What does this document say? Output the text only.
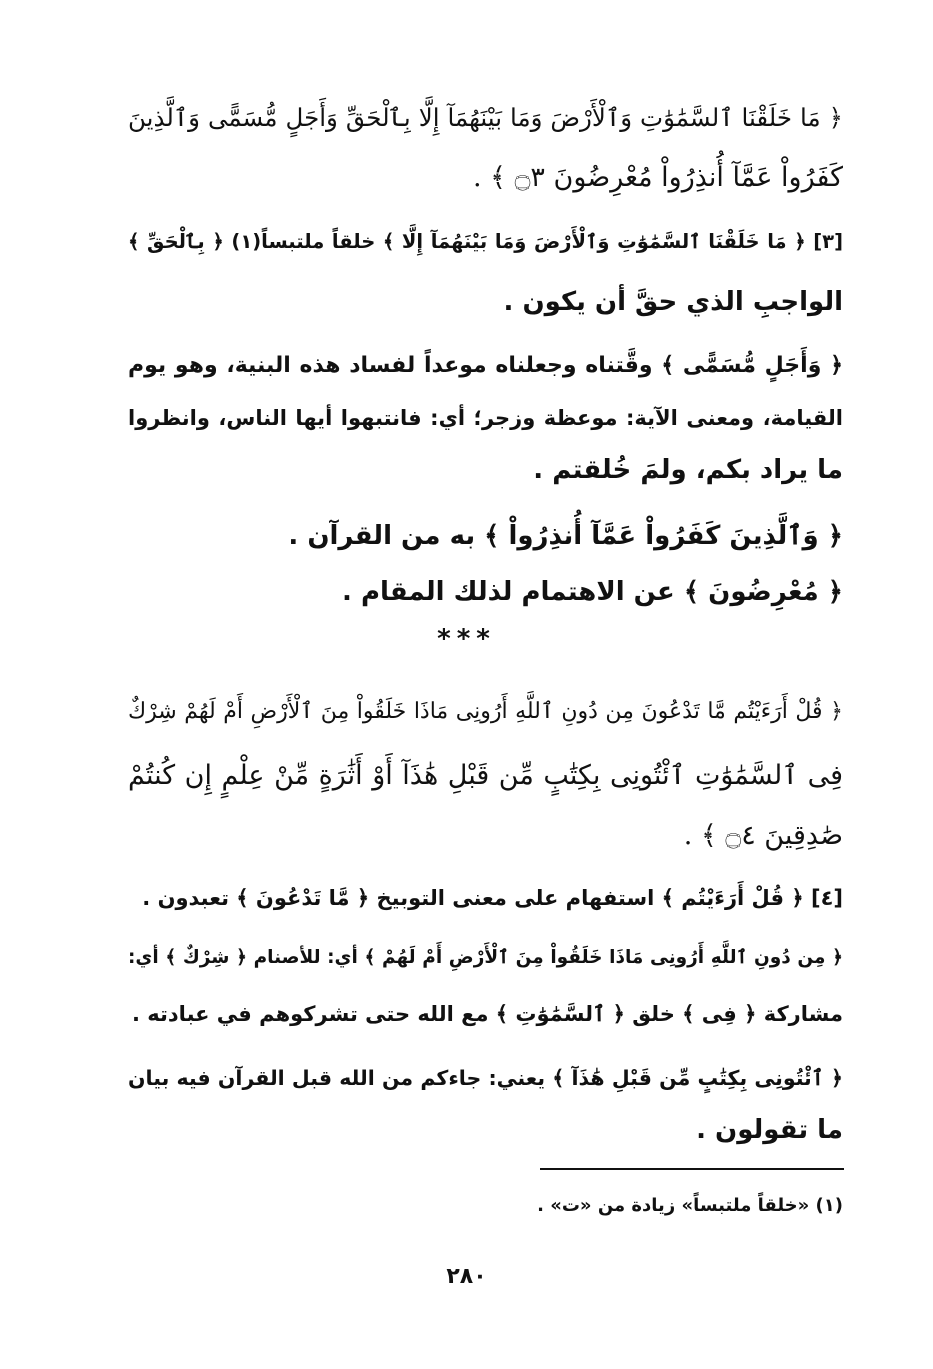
﴿ مَا خَلَقْنَا ٱلسَّمَٰوَٰتِ وَٱلْأَرْضَ وَمَا بَيْنَهُمَآ إِلَّا بِٱلْحَقِّ وَأَجَلٍ مُّسَمًّى وَٱلَّذِينَ
كَفَرُواْ عَمَّآ أُنذِرُواْ مُعْرِضُونَ ۝٣ ﴾ .
[٣] ﴿ مَا خَلَقْنَا ٱلسَّمَٰوَٰتِ وَٱلْأَرْضَ وَمَا بَيْنَهُمَآ إِلَّا ﴾ خلقاً ملتبساً(١) ﴿ بِٱلْحَقِّ ﴾
الواجبِ الذي حقَّ أن يكون .
﴿ وَأَجَلٍ مُّسَمًّى ﴾ وقَّتناه وجعلناه موعداً لفساد هذه البنية، وهو يوم
القيامة، ومعنى الآية: موعظة وزجر؛ أي: فانتبهوا أيها الناس، وانظروا
ما يراد بكم، ولمَ خُلقتم .
﴿ وَٱلَّذِينَ كَفَرُواْ عَمَّآ أُنذِرُواْ ﴾ به من القرآن .
﴿ مُعْرِضُونَ ﴾ عن الاهتمام لذلك المقام .
***
﴿ قُلْ أَرَءَيْتُم مَّا تَدْعُونَ مِن دُونِ ٱللَّهِ أَرُونِى مَاذَا خَلَقُواْ مِنَ ٱلْأَرْضِ أَمْ لَهُمْ شِرْكٌ
فِى ٱلسَّمَٰوَٰتِ ٱئْتُونِى بِكِتَٰبٍ مِّن قَبْلِ هَٰذَآ أَوْ أَثَٰرَةٍ مِّنْ عِلْمٍ إِن كُنتُمْ
صَٰدِقِينَ ۝٤ ﴾ .
[٤] ﴿ قُلْ أَرَءَيْتُم ﴾ استفهام على معنى التوبيخ ﴿ مَّا تَدْعُونَ ﴾ تعبدون .
﴿ مِن دُونِ ٱللَّهِ أَرُونِى مَاذَا خَلَقُواْ مِنَ ٱلْأَرْضِ أَمْ لَهُمْ ﴾ أي: للأصنام ﴿ شِرْكٌ ﴾ أي:
مشاركة ﴿ فِى ﴾ خلق ﴿ ٱلسَّمَٰوَٰتِ ﴾ مع الله حتى تشركوهم في عبادته .
﴿ ٱئْتُونِى بِكِتَٰبٍ مِّن قَبْلِ هَٰذَآ ﴾ يعني: جاءكم من الله قبل القرآن فيه بيان
ما تقولون .
(١) «خلقاً ملتبساً» زيادة من «ت» .
٢٨٠
